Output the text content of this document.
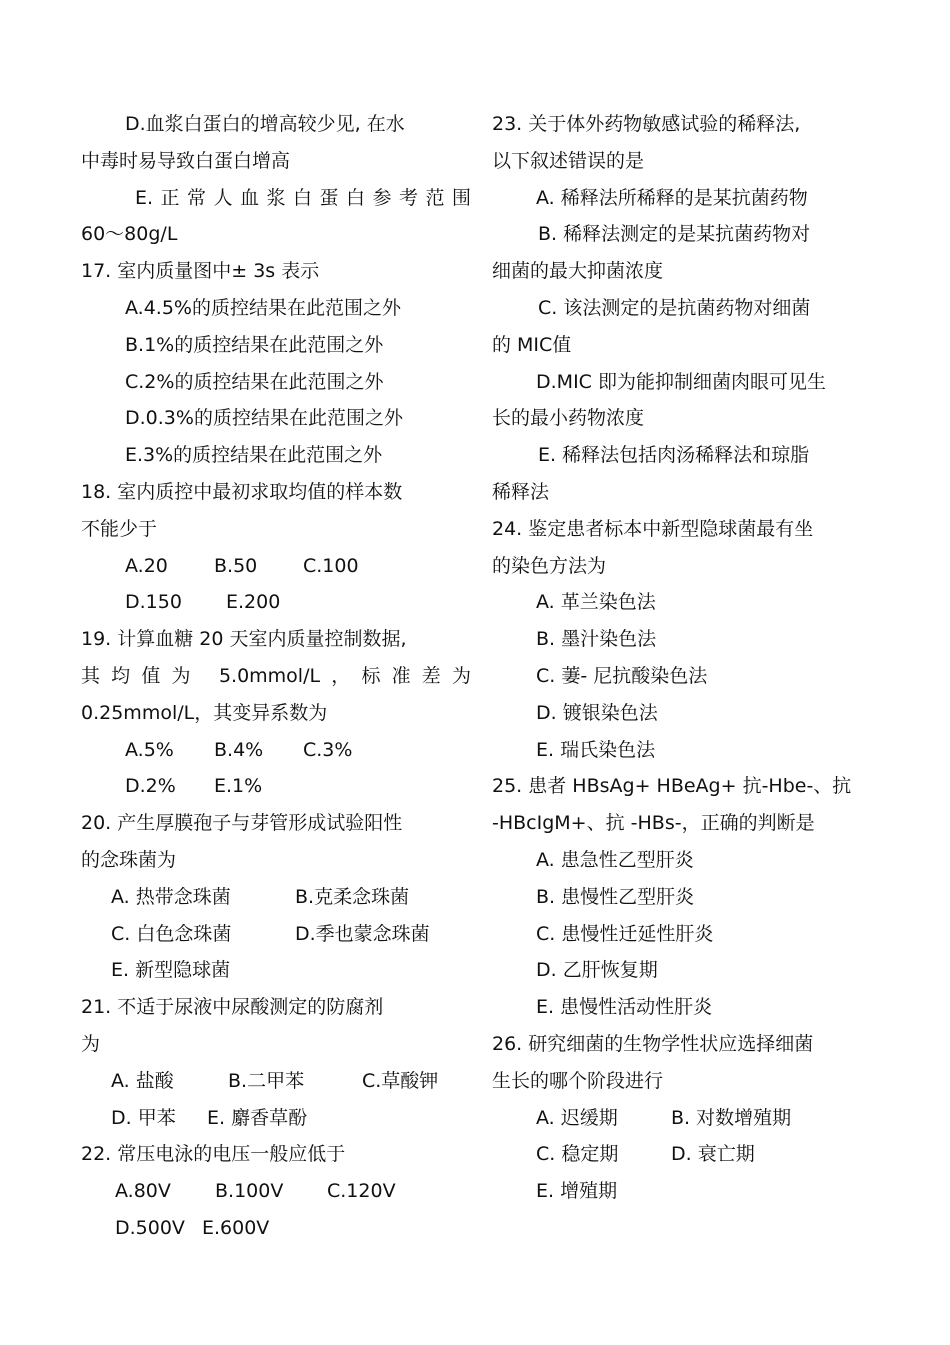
D.血浆白蛋白的增高较少见, 在水
中毒时易导致白蛋白增高
E.正常人血浆白蛋白参考范围
60～80g/L
17. 室内质量图中± 3s 表示
A.4.5%的质控结果在此范围之外
B.1%的质控结果在此范围之外
C.2%的质控结果在此范围之外
D.0.3%的质控结果在此范围之外
E.3%的质控结果在此范围之外
18. 室内质控中最初求取均值的样本数
不能少于
A.20	B.50	C.100
D.150	E.200
19. 计算血糖 20 天室内质量控制数据,
其均值为 5.0mmol/L，标准差为
0.25mmol/L，其变异系数为
A.5%	B.4%	C.3%
D.2%	E.1%
20. 产生厚膜孢子与芽管形成试验阳性
的念珠菌为
A. 热带念珠菌	B.克柔念珠菌
C. 白色念珠菌	D.季也蒙念珠菌
E. 新型隐球菌
21. 不适于尿液中尿酸测定的防腐剂
为
A. 盐酸	B.二甲苯	C.草酸钾
D. 甲苯	E. 麝香草酚
22. 常压电泳的电压一般应低于
A.80V	B.100V	C.120V
D.500V E.600V
23. 关于体外药物敏感试验的稀释法,
以下叙述错误的是
A. 稀释法所稀释的是某抗菌药物
B. 稀释法测定的是某抗菌药物对
细菌的最大抑菌浓度
C. 该法测定的是抗菌药物对细菌
的 MIC值
D.MIC 即为能抑制细菌肉眼可见生
长的最小药物浓度
E. 稀释法包括肉汤稀释法和琼脂
稀释法
24. 鉴定患者标本中新型隐球菌最有坐
的染色方法为
A. 革兰染色法
B. 墨汁染色法
C. 萋- 尼抗酸染色法
D. 镀银染色法
E. 瑞氏染色法
25. 患者 HBsAg+ HBeAg+ 抗-Hbe-、抗
-HBcIgM+、抗 -HBs-，正确的判断是
A. 患急性乙型肝炎
B. 患慢性乙型肝炎
C. 患慢性迁延性肝炎
D. 乙肝恢复期
E. 患慢性活动性肝炎
26. 研究细菌的生物学性状应选择细菌
生长的哪个阶段进行
A. 迟缓期	B. 对数增殖期
C. 稳定期	D. 衰亡期
E. 增殖期
